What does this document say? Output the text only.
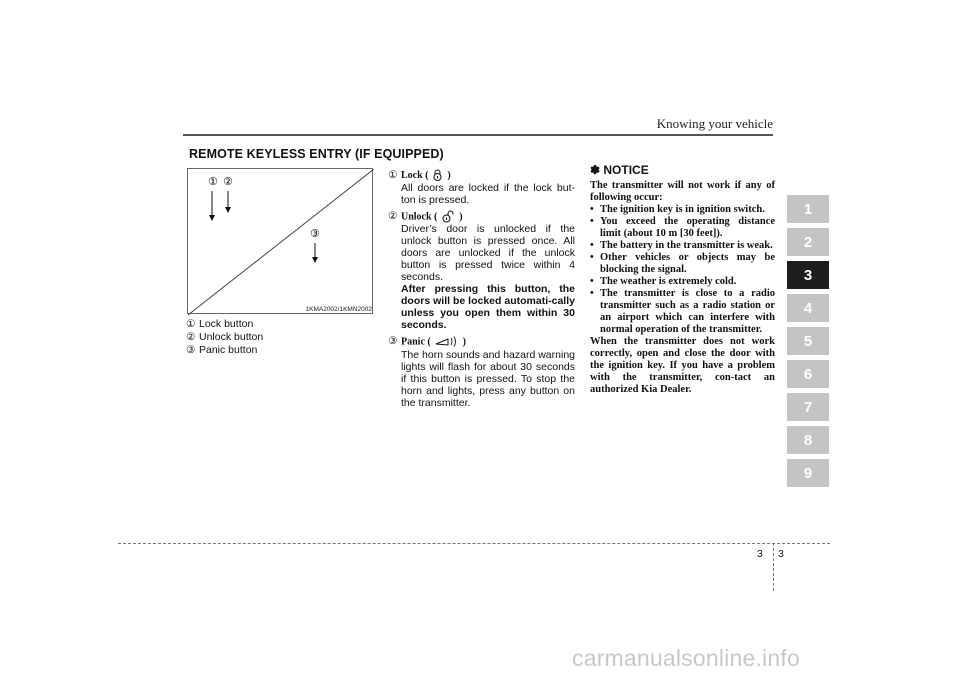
Knowing your vehicle
REMOTE KEYLESS ENTRY (IF EQUIPPED)
① ②
③
1KMA2002/1KMN2002
① Lock button
② Unlock button
③ Panic button
① Lock ( )

All doors are locked if the lock but-ton is pressed.

② Unlock ( )

Driver’s door is unlocked if the unlock button is pressed once. All doors are unlocked if the unlock button is pressed twice within 4 seconds.

After pressing this button, the doors will be locked automati-cally unless you open them within 30 seconds.

③ Panic (	)

The horn sounds and hazard warning lights will flash for about 30 seconds if this button is pressed. To stop the horn and lights, press any button on the transmitter.

✽ NOTICE

The transmitter will not work if any of following occur:

• The ignition key is in ignition switch.
• You exceed the operating distance limit (about 10 m [30 feet]).
• The battery in the transmitter is weak.
• Other vehicles or objects may be blocking the signal.
• The weather is extremely cold.
• The transmitter is close to a radio transmitter such as a radio station or an airport which can interfere with normal operation of the transmitter.

When the transmitter does not work correctly, open and close the door with the ignition key. If you have a problem with the transmitter, con-tact an authorized Kia Dealer.

1
2
3
4
5
6
7
8
9
3 3
carmanualsonline.info
